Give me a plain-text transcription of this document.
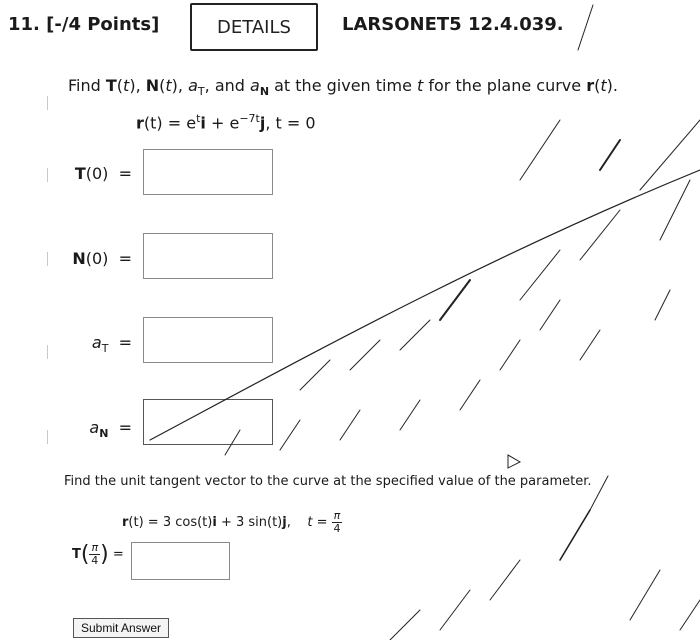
11. [-/4 Points]	DETAILS	LARSONET5 12.4.039.
Find T(t), N(t), $a_T$, and $a_N$ at the given time t for the plane curve r(t).
$r(t) = e^ti + e^{-7t}j$, t = 0
T(0) =
N(0) =
$a_T$ =
$a_N$ =
Find the unit tangent vector to the curve at the specified value of the parameter.
r(t) = 3 cos(t)i + 3 sin(t)j, $t = \frac{\pi}{4}$
T ( $\frac{\pi}{4}$ )
=
Submit Answer
